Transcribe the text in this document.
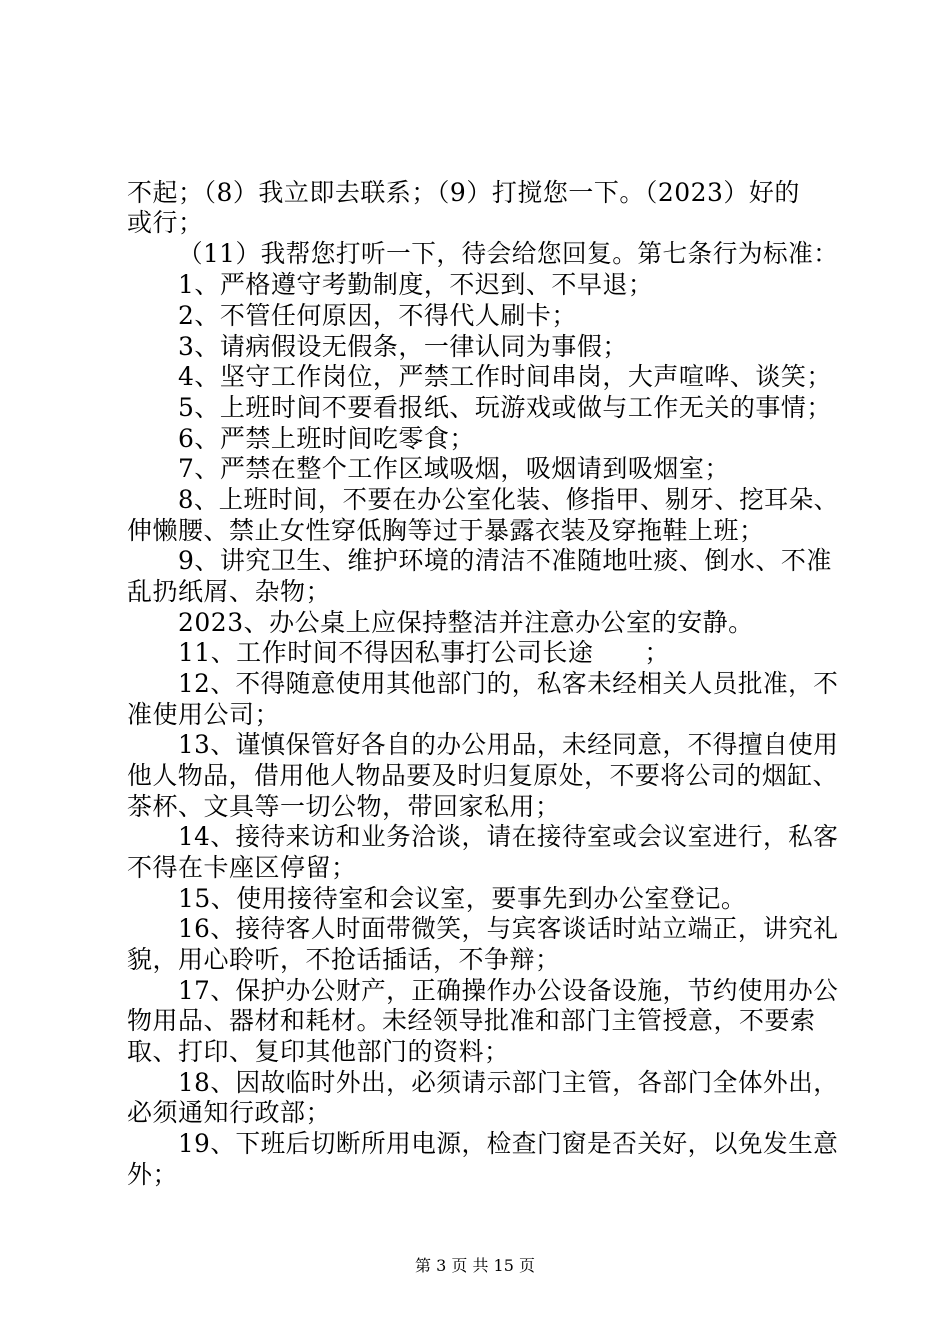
不起；（8）我立即去联系；（9）打搅您一下。（2023）好的
或行；
（11）我帮您打听一下，待会给您回复。第七条行为标准：
1、严格遵守考勤制度，不迟到、不早退；
2、不管任何原因，不得代人刷卡；
3、请病假设无假条，一律认同为事假；
4、坚守工作岗位，严禁工作时间串岗，大声喧哗、谈笑；
5、上班时间不要看报纸、玩游戏或做与工作无关的事情；
6、严禁上班时间吃零食；
7、严禁在整个工作区域吸烟，吸烟请到吸烟室；
8、上班时间，不要在办公室化装、修指甲、剔牙、挖耳朵、
伸懒腰、禁止女性穿低胸等过于暴露衣装及穿拖鞋上班；
9、讲究卫生、维护环境的清洁不准随地吐痰、倒水、不准
乱扔纸屑、杂物；
2023、办公桌上应保持整洁并注意办公室的安静。
11、工作时间不得因私事打公司长途　　；
12、不得随意使用其他部门的，私客未经相关人员批准，不
准使用公司；
13、谨慎保管好各自的办公用品，未经同意，不得擅自使用
他人物品，借用他人物品要及时归复原处，不要将公司的烟缸、
茶杯、文具等一切公物，带回家私用；
14、接待来访和业务洽谈，请在接待室或会议室进行，私客
不得在卡座区停留；
15、使用接待室和会议室，要事先到办公室登记。
16、接待客人时面带微笑，与宾客谈话时站立端正，讲究礼
貌，用心聆听，不抢话插话，不争辩；
17、保护办公财产，正确操作办公设备设施，节约使用办公
物用品、器材和耗材。未经领导批准和部门主管授意，不要索
取、打印、复印其他部门的资料；
18、因故临时外出，必须请示部门主管，各部门全体外出，
必须通知行政部；
19、下班后切断所用电源，检查门窗是否关好，以免发生意
外；
第 3 页 共 15 页
